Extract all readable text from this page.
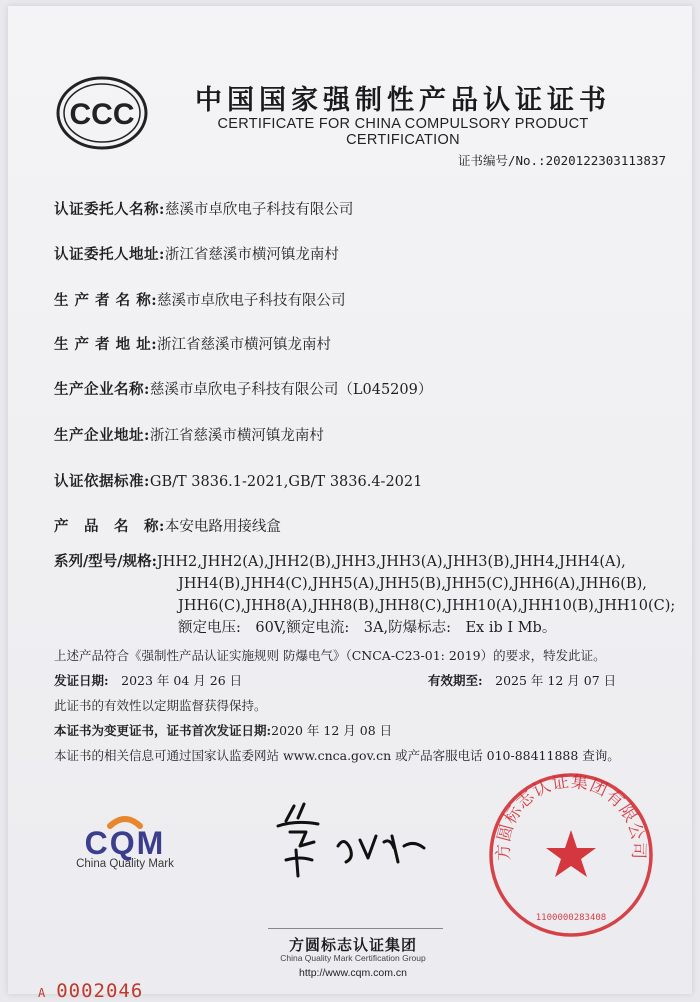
CCC	中国国家强制性产品认证证书
CERTIFICATE FOR CHINA COMPULSORY PRODUCT CERTIFICATION
证书编号/No.:2020122303113837
认证委托人名称:慈溪市卓欣电子科技有限公司
认证委托人地址:浙江省慈溪市横河镇龙南村
生 产 者 名 称:慈溪市卓欣电子科技有限公司
生 产 者 地 址:浙江省慈溪市横河镇龙南村
生产企业名称:慈溪市卓欣电子科技有限公司（L045209）
生产企业地址:浙江省慈溪市横河镇龙南村
认证依据标准:GB/T 3836.1-2021,GB/T 3836.4-2021
产　品　名　称:本安电路用接线盒
系列/型号/规格:JHH2,JHH2(A),JHH2(B),JHH3,JHH3(A),JHH3(B),JHH4,JHH4(A),
JHH4(B),JHH4(C),JHH5(A),JHH5(B),JHH5(C),JHH6(A),JHH6(B),
JHH6(C),JHH8(A),JHH8(B),JHH8(C),JHH10(A),JHH10(B),JHH10(C);
额定电压:　60V,额定电流:　3A,防爆标志:　Ex ib I Mb。
上述产品符合《强制性产品认证实施规则 防爆电气》（CNCA-C23-01: 2019）的要求，特发此证。
发证日期:　 2023 年 04 月 26 日	有效期至:　 2025 年 12 月 07 日
此证书的有效性以定期监督获得保持。
本证书为变更证书，证书首次发证日期:2020 年 12 月 08 日
本证书的相关信息可通过国家认监委网站 www.cnca.gov.cn 或产品客服电话 010-88411888 查询。
CQM
China Quality Mark
方圆标志认证集团有限公司
1100000283408
方圆标志认证集团
China Quality Mark Certification Group
http://www.cqm.com.cn
A 0002046
